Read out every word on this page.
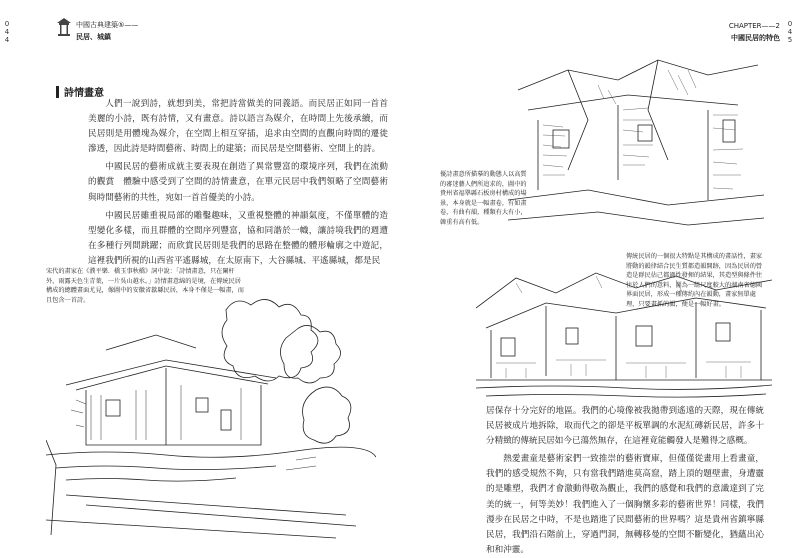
0
4
4
中國古典建築⑤——
民居、城鎮
詩情畫意

人們一說到詩，就想到美，常把詩當做美的同義語。而民居正如同一首首美麗的小詩，既有詩情，又有畫意。詩以語言為媒介，在時間上先後承續，而民居則是用體塊為媒介，在空間上相互穿插，追求由空間的直觀向時間的遷徙滲透，因此詩是時間藝術、時間上的建築；而民居是空間藝術、空間上的詩。

中國民居的藝術成就主要表現在創造了異常豐富的環境序列，我們在流動的觀賞　體驗中感受到了空間的詩情畫意，在單元民居中我們領略了空間藝術與時間藝術的共性，宛如一首首優美的小詩。

中國民居雖重視局部的雕鑿趣味，又重視整體的神韻氣度，不僅單體的造型變化多樣，而且群體的空間序列豐富，協和同諧於一幟，讓詩境我們的週遭在多種行列間跳躍；而欣賞民居則是我們的思路在整體的體形輪廓之中遊記，這裡我們所視的山西省平遙縣城，在太原南下，大谷縣城、平遙縣城，都是民

宋代的畫家在《濮平樂．橋玉事秋橋》詞中說：「詩情畫意，只在闌杆外，雨露天色生青葉，一片吳山越水。」詩情畫意綿的是境，在傳統民居構成的總體畫面尤見，像圖中的安徽省歙縣民居，本身不僅是一幅畫，而且包含一首詩。
0
4
5
CHAPTER——2
中國民居的特色
優詩畫意所描摹的動態人以高質的審迷藝人們所追求的，圖中的貴州省福擧縣石板房村構成的場景，本身就是一幅畫卷，有如畫卷，有曲有韻，種類有大有小，韓重有高有低。
傳統民居的一個很大特點是其構成的畫話性，畫家將動的韻律結合民生質都造韻開跡，因為民居的營造是群民佔己都過性發揮的結果，其造型與條件往往於人們的意料，圖為一組尺度較大的湖南省德國界面民居，形成一種傳約內在韻動，畫家無單處理，只要畫抓的韻，便是一幅好畫。

居保存十分完好的地區。我們的心境像被我拋帶到遙遠的天際，現在傳統民居被成片地拆除，取而代之的卻是平板單調的水泥紅磚新民居，許多十分精緻的傳統民居如今已蕩然無存，在這裡竟能觸發人是難得之感概。

熱愛畫童是藝術家們一致推崇的藝術寶庫，但僅僅從畫用上看畫童，我們的感受規然不夠，只有當我們踏進莫高窟，踏上頂的題壁畫，身遭靈的是雕塑，我們才會激動得敬為觀止，我們的感覺和我們的意識達到了完美的統一，何等美妙！我們進入了一個胸懷多彩的藝術世界！同樣，我們漫步在民居之中時，不是也踏進了民間藝術的世界嗎？這是貴州省鎮寧縣民居，我們沿石階前上，穿過門洞，無轉移曼的空間不斷變化，猶蘊出沁和和沖靈。
